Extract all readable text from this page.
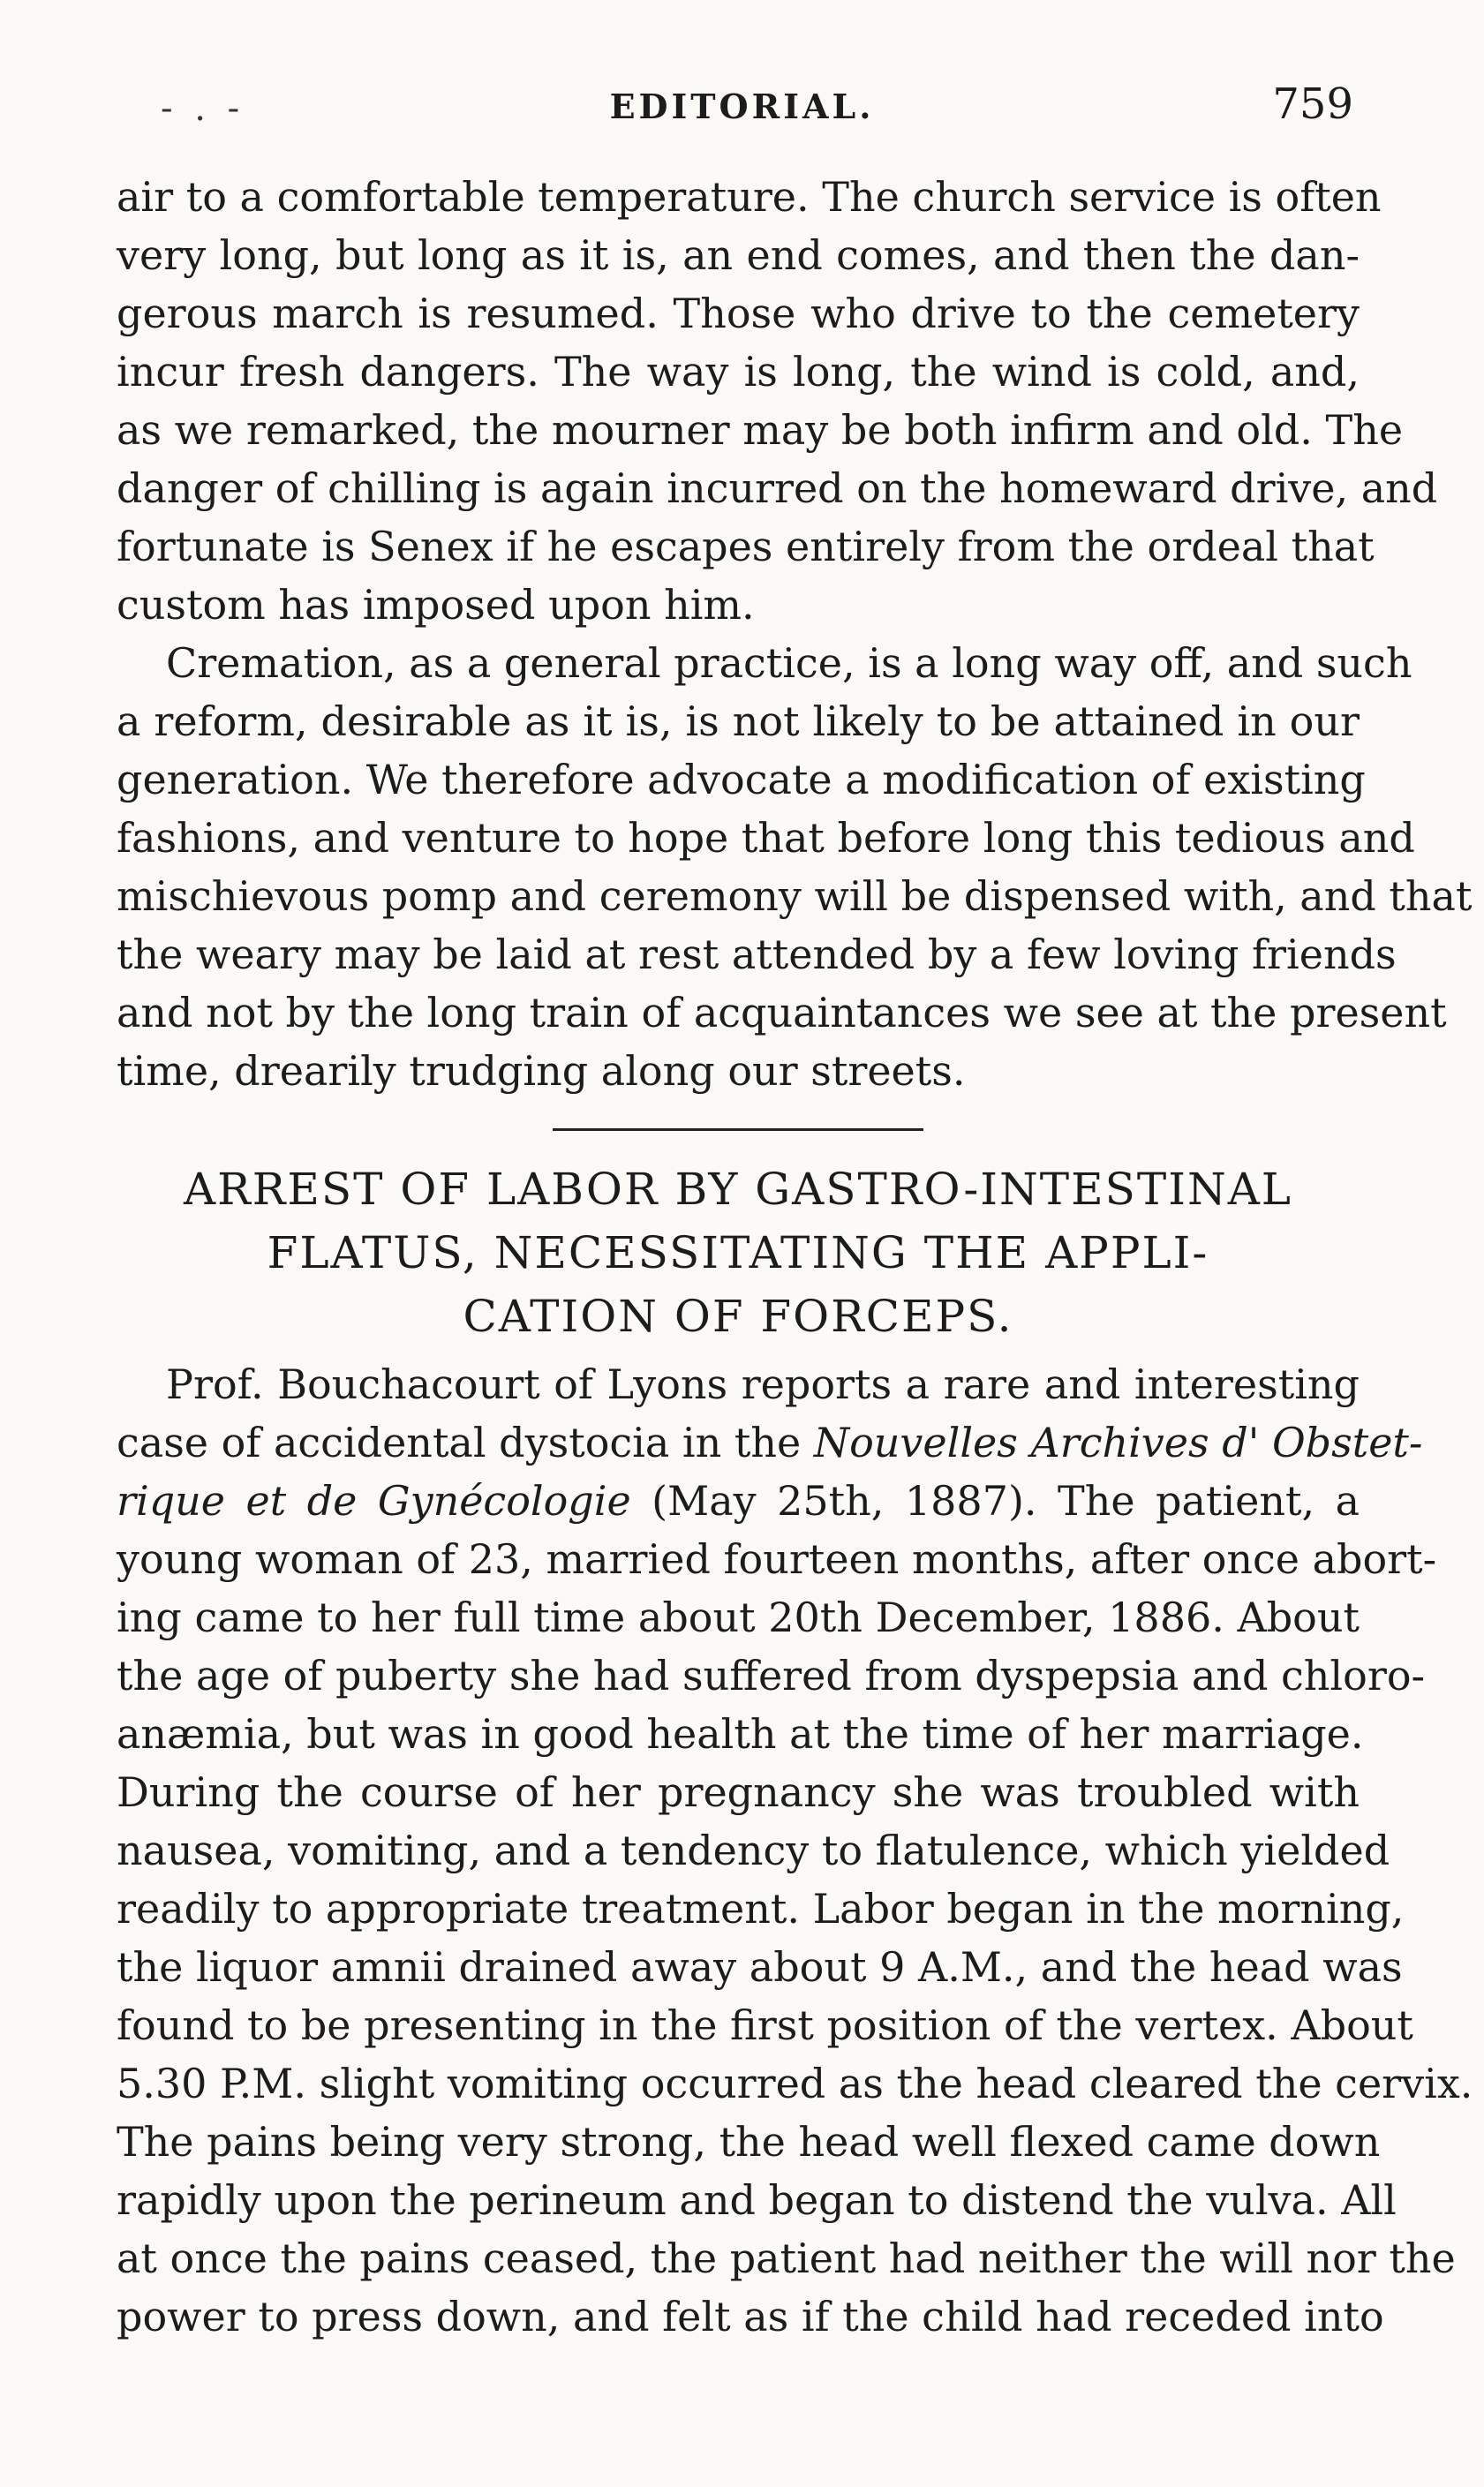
- . -	EDITORIAL.	759
air to a comfortable temperature. The church service is often
very long, but long as it is, an end comes, and then the dan-
gerous march is resumed. Those who drive to the cemetery
incur fresh dangers. The way is long, the wind is cold, and,
as we remarked, the mourner may be both infirm and old. The
danger of chilling is again incurred on the homeward drive, and
fortunate is Senex if he escapes entirely from the ordeal that
custom has imposed upon him.
Cremation, as a general practice, is a long way off, and such
a reform, desirable as it is, is not likely to be attained in our
generation. We therefore advocate a modification of existing
fashions, and venture to hope that before long this tedious and
mischievous pomp and ceremony will be dispensed with, and that
the weary may be laid at rest attended by a few loving friends
and not by the long train of acquaintances we see at the present
time, drearily trudging along our streets.
ARREST OF LABOR BY GASTRO-INTESTINAL
FLATUS, NECESSITATING THE APPLI-
CATION OF FORCEPS.
Prof. Bouchacourt of Lyons reports a rare and interesting
case of accidental dystocia in the Nouvelles Archives d' Obstet-
rique et de Gynécologie (May 25th, 1887). The patient, a
young woman of 23, married fourteen months, after once abort-
ing came to her full time about 20th December, 1886. About
the age of puberty she had suffered from dyspepsia and chloro-
anæmia, but was in good health at the time of her marriage.
During the course of her pregnancy she was troubled with
nausea, vomiting, and a tendency to flatulence, which yielded
readily to appropriate treatment. Labor began in the morning,
the liquor amnii drained away about 9 A.M., and the head was
found to be presenting in the first position of the vertex. About
5.30 P.M. slight vomiting occurred as the head cleared the cervix.
The pains being very strong, the head well flexed came down
rapidly upon the perineum and began to distend the vulva. All
at once the pains ceased, the patient had neither the will nor the
power to press down, and felt as if the child had receded into
